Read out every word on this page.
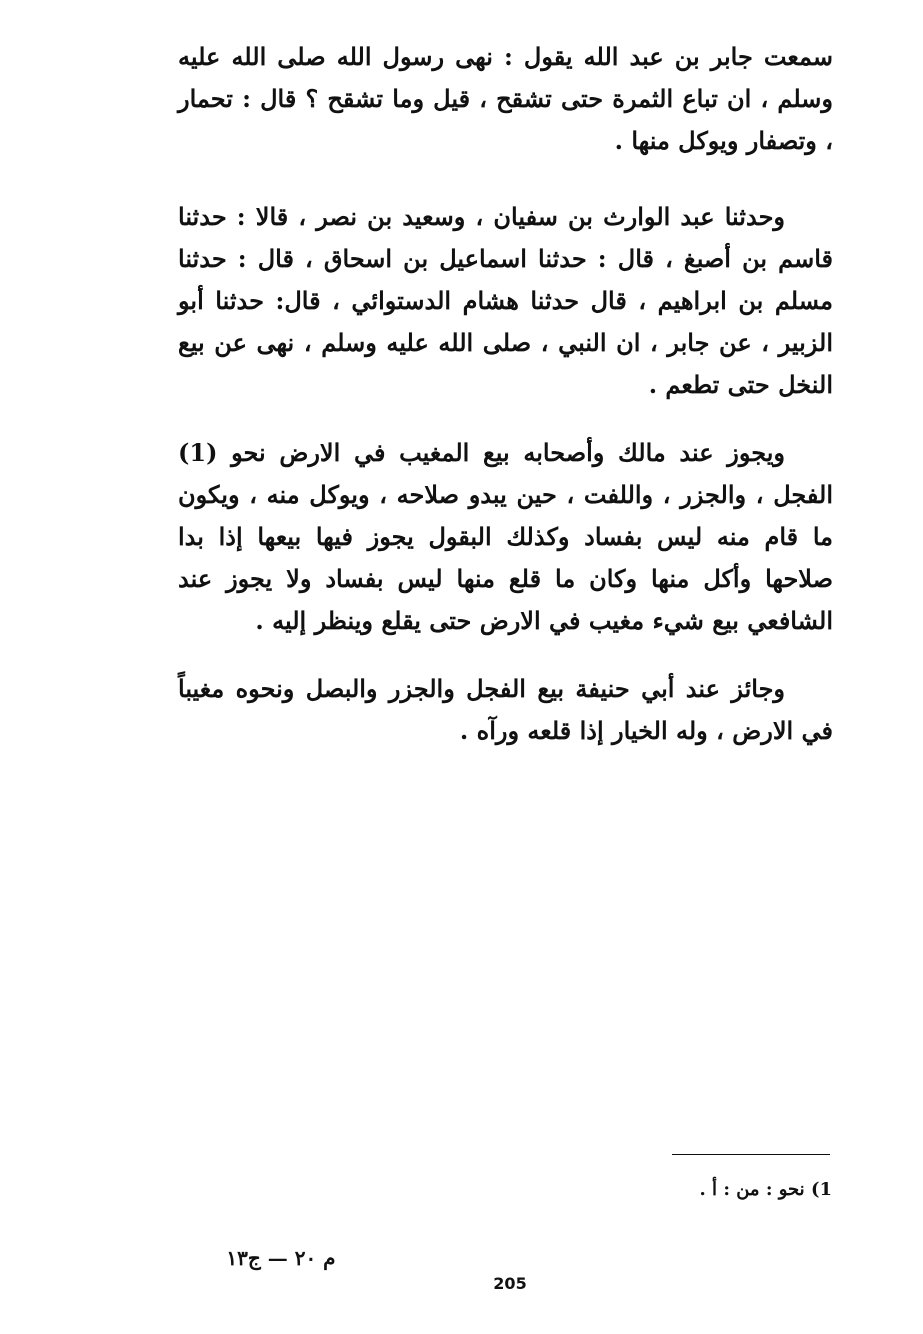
سمعت جابر بن عبد الله يقول : نهى رسول الله صلى الله عليه وسلم ، ان تباع الثمرة حتى تشقح ، قيل وما تشقح ؟ قال : تحمار ، وتصفار ويوكل منها .

وحدثنا عبد الوارث بن سفيان ، وسعيد بن نصر ، قالا : حدثنا قاسم بن أصبغ ، قال : حدثنا اسماعيل بن اسحاق ، قال : حدثنا مسلم بن ابراهيم ، قال حدثنا هشام الدستوائي ، قال: حدثنا أبو الزبير ، عن جابر ، ان النبي ، صلى الله عليه وسلم ، نهى عن بيع النخل حتى تطعم .

ويجوز عند مالك وأصحابه بيع المغيب في الارض نحو (1) الفجل ، والجزر ، واللفت ، حين يبدو صلاحه ، ويوكل منه ، ويكون ما قام منه ليس بفساد وكذلك البقول يجوز فيها بيعها إذا بدا صلاحها وأكل منها وكان ما قلع منها ليس بفساد ولا يجوز عند الشافعي بيع شيء مغيب في الارض حتى يقلع وينظر إليه .

وجائز عند أبي حنيفة بيع الفجل والجزر والبصل ونحوه مغيباً في الارض ، وله الخيار إذا قلعه ورآه .

1) نحو : من : أ .

م ٢٠ — ج١٣

205
